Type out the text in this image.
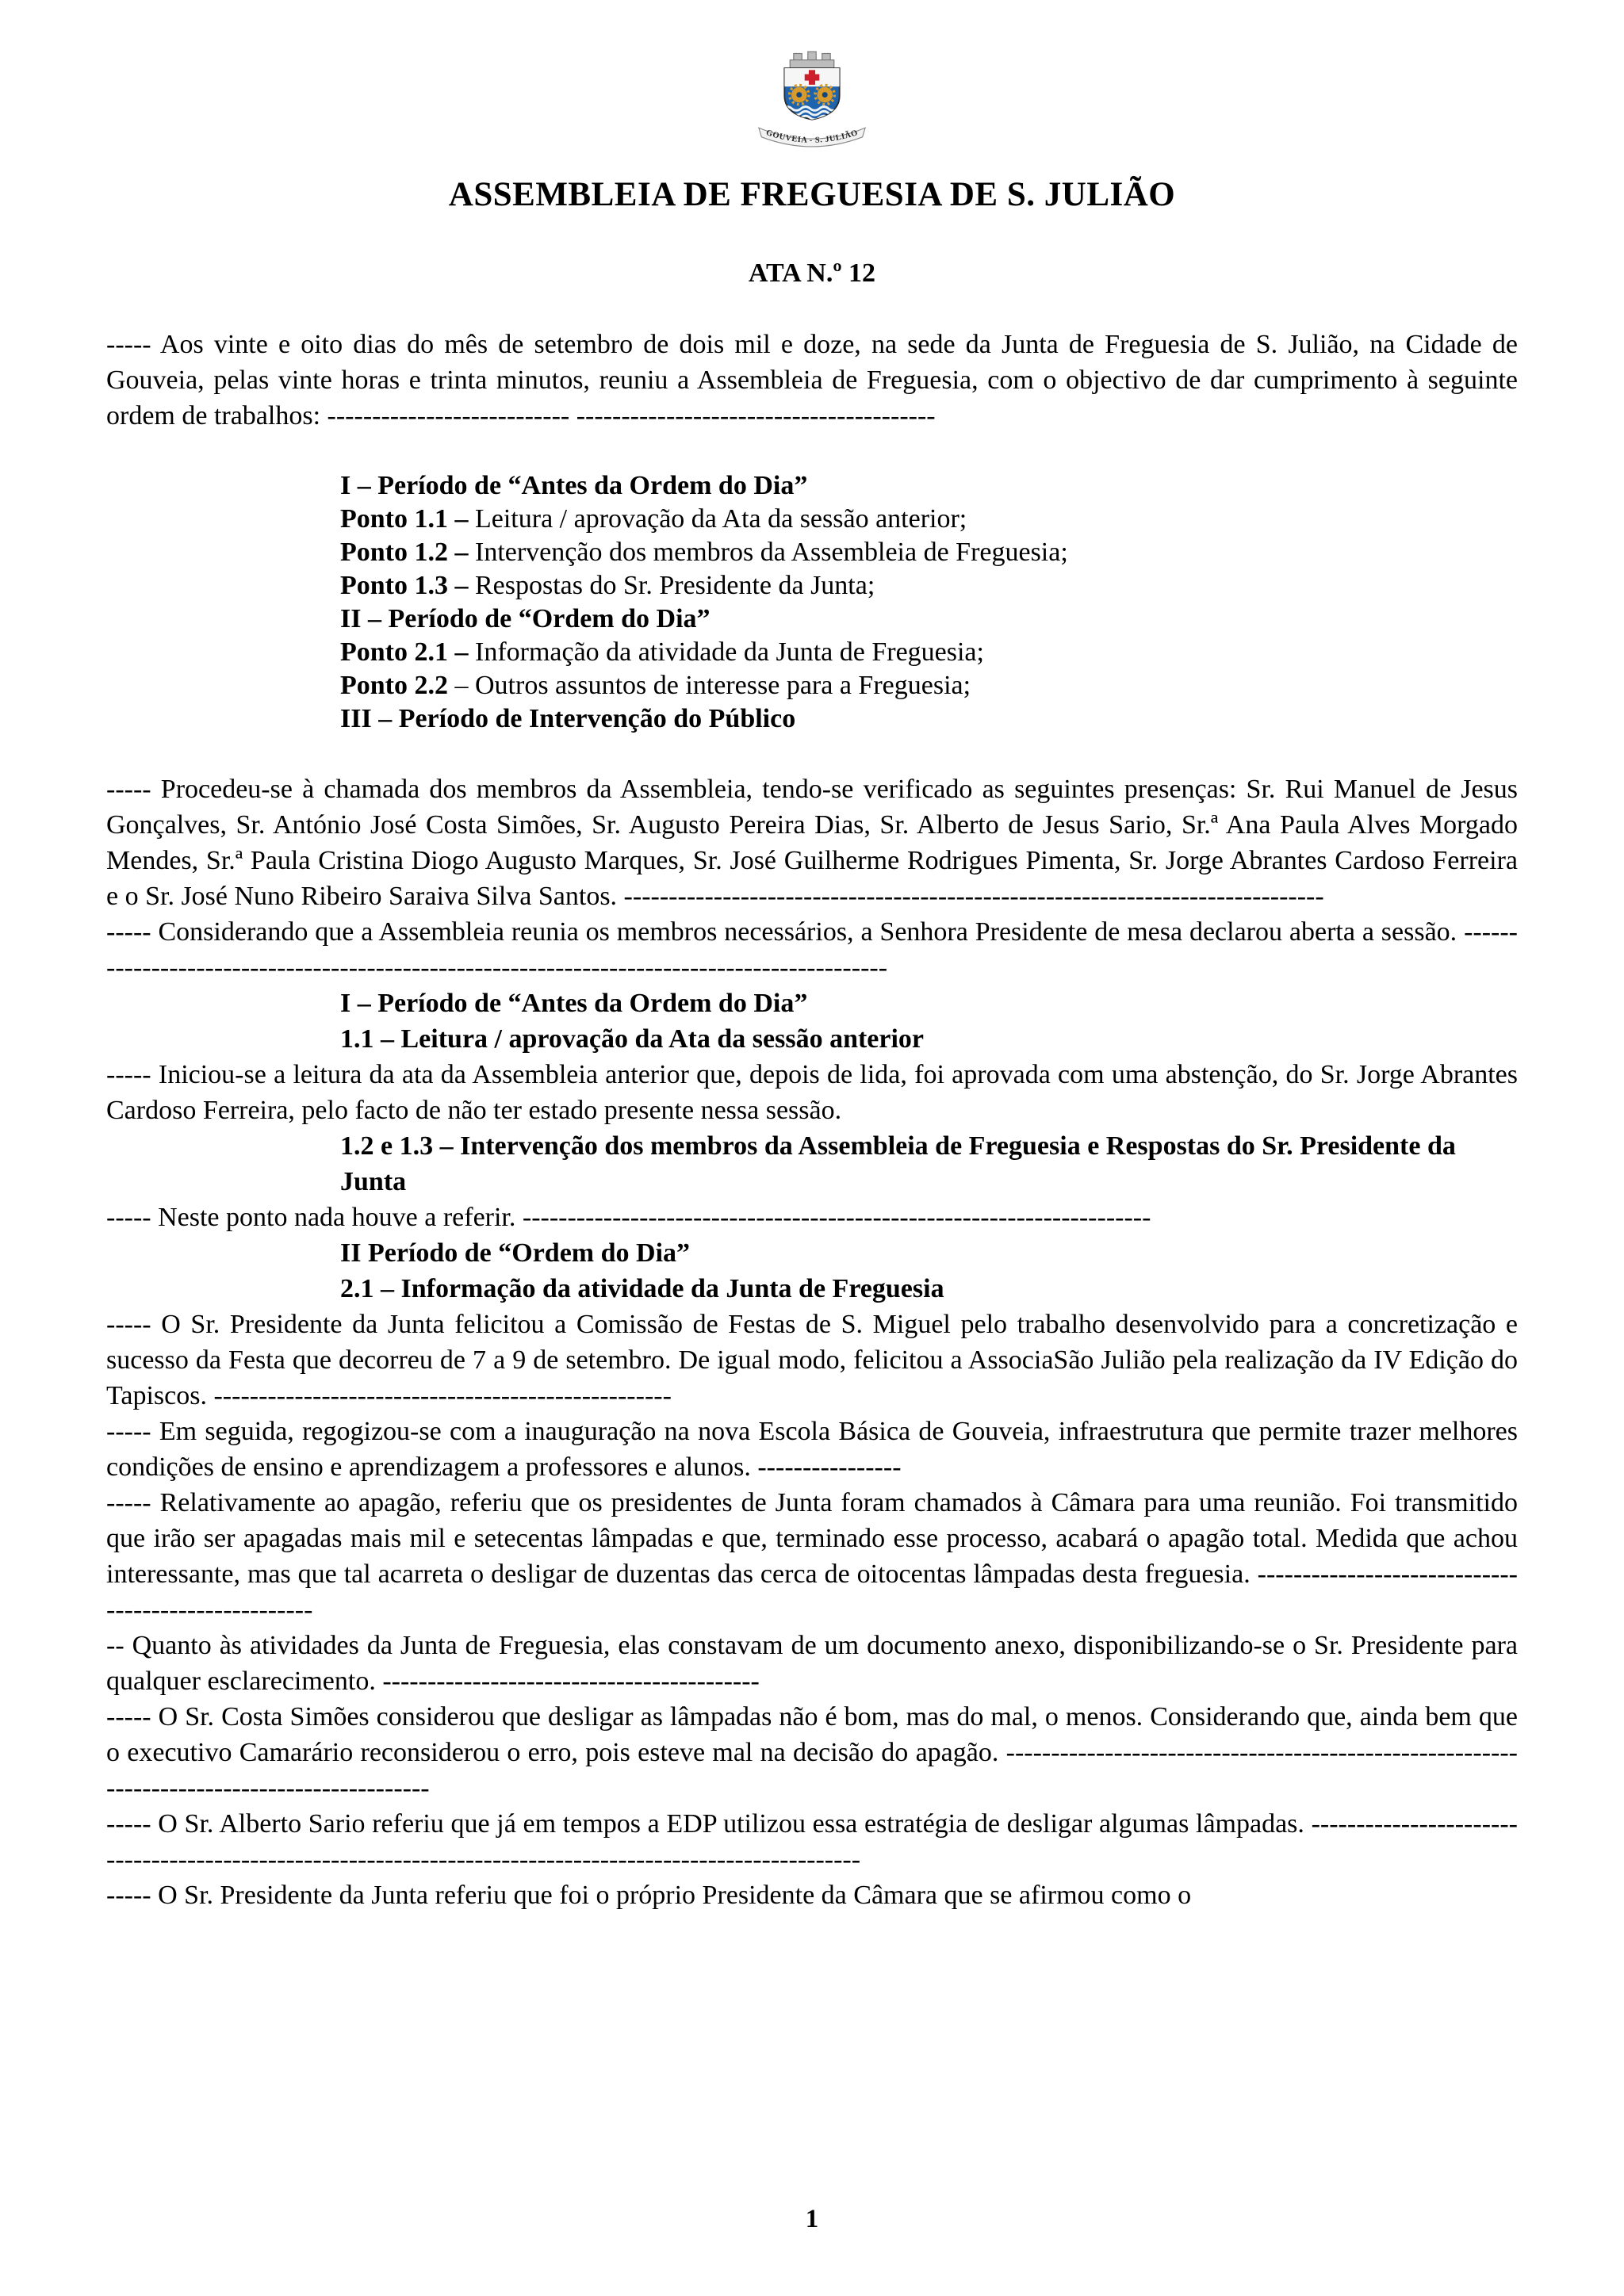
GOUVEIA - S. JULIÃO
ASSEMBLEIA DE FREGUESIA DE S. JULIÃO
ATA N.º 12
----- Aos vinte e oito dias do mês de setembro de dois mil e doze, na sede da Junta de Freguesia de S. Julião, na Cidade de Gouveia, pelas vinte horas e trinta minutos, reuniu a Assembleia de Freguesia, com o objectivo de dar cumprimento à seguinte ordem de trabalhos: --------------------------- ----------------------------------------
I – Período de “Antes da Ordem do Dia”
Ponto 1.1 – Leitura / aprovação da Ata da sessão anterior;
Ponto 1.2 – Intervenção dos membros da Assembleia de Freguesia;
Ponto 1.3 – Respostas do Sr. Presidente da Junta;
II – Período de “Ordem do Dia”
Ponto 2.1 – Informação da atividade da Junta de Freguesia;
Ponto 2.2 – Outros assuntos de interesse para a Freguesia;
III – Período de Intervenção do Público
----- Procedeu-se à chamada dos membros da Assembleia, tendo-se verificado as seguintes presenças: Sr. Rui Manuel de Jesus Gonçalves, Sr. António José Costa Simões, Sr. Augusto Pereira Dias, Sr. Alberto de Jesus Sario, Sr.ª Ana Paula Alves Morgado Mendes, Sr.ª Paula Cristina Diogo Augusto Marques, Sr. José Guilherme Rodrigues Pimenta, Sr. Jorge Abrantes Cardoso Ferreira e o Sr. José Nuno Ribeiro Saraiva Silva Santos. ------------------------------------------------------------------------------
----- Considerando que a Assembleia reunia os membros necessários, a Senhora Presidente de mesa declarou aberta a sessão. ---------------------------------------------------------------------------------------------
I – Período de “Antes da Ordem do Dia”
1.1 – Leitura / aprovação da Ata da sessão anterior
----- Iniciou-se a leitura da ata da Assembleia anterior que, depois de lida, foi aprovada com uma abstenção, do Sr. Jorge Abrantes Cardoso Ferreira, pelo facto de não ter estado presente nessa sessão.
1.2 e 1.3 – Intervenção dos membros da Assembleia de Freguesia e Respostas do Sr. Presidente da Junta
----- Neste ponto nada houve a referir. ----------------------------------------------------------------------
II Período de “Ordem do Dia”
2.1 – Informação da atividade da Junta de Freguesia
----- O Sr. Presidente da Junta felicitou a Comissão de Festas de S. Miguel pelo trabalho desenvolvido para a concretização e sucesso da Festa que decorreu de 7 a 9 de setembro. De igual modo, felicitou a AssociaSão Julião pela realização da IV Edição do Tapiscos. ---------------------------------------------------
----- Em seguida, regogizou-se com a inauguração na nova Escola Básica de Gouveia, infraestrutura que permite trazer melhores condições de ensino e aprendizagem a professores e alunos. ----------------
----- Relativamente ao apagão, referiu que os presidentes de Junta foram chamados à Câmara para uma reunião. Foi transmitido que irão ser apagadas mais mil e setecentas lâmpadas e que, terminado esse processo, acabará o apagão total. Medida que achou interessante, mas que tal acarreta o desligar de duzentas das cerca de oitocentas lâmpadas desta freguesia. ----------------------------------------------------
-- Quanto às atividades da Junta de Freguesia, elas constavam de um documento anexo, disponibilizando-se o Sr. Presidente para qualquer esclarecimento. ------------------------------------------
----- O Sr. Costa Simões considerou que desligar as lâmpadas não é bom, mas do mal, o menos. Considerando que, ainda bem que o executivo Camarário reconsiderou o erro, pois esteve mal na decisão do apagão. ---------------------------------------------------------------------------------------------
----- O Sr. Alberto Sario referiu que já em tempos a EDP utilizou essa estratégia de desligar algumas lâmpadas. -----------------------------------------------------------------------------------------------------------
----- O Sr. Presidente da Junta referiu que foi o próprio Presidente da Câmara que se afirmou como o
1
